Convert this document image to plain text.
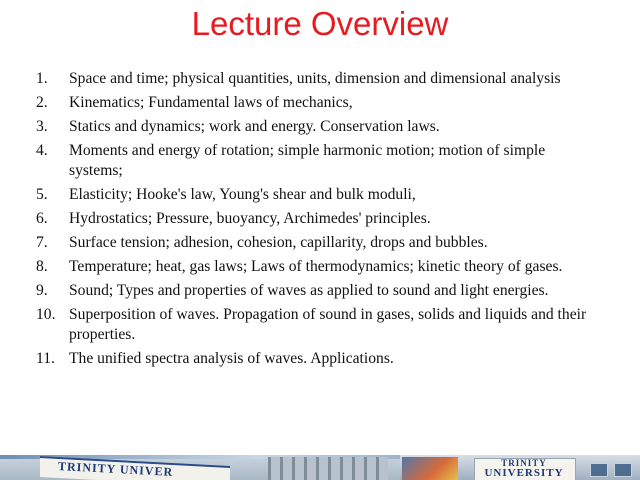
Lecture Overview
1.	Space and time; physical quantities, units, dimension and dimensional analysis
2.	Kinematics; Fundamental laws of mechanics,
3.	Statics and dynamics; work and energy. Conservation laws.
4.	Moments and energy of rotation; simple harmonic motion; motion of simple systems;
5.	Elasticity; Hooke's law, Young's shear and bulk moduli,
6.	Hydrostatics; Pressure, buoyancy, Archimedes' principles.
7.	Surface tension; adhesion, cohesion, capillarity, drops and bubbles.
8.	Temperature; heat, gas laws; Laws of thermodynamics; kinetic theory of gases.
9.	Sound; Types and properties of waves as applied to sound and light energies.
10. Superposition of waves. Propagation of sound in gases, solids and liquids and their properties.
11. The unified spectra analysis of waves. Applications.
TRINITY UNIVER	TRINITY
UNIVERSITY
